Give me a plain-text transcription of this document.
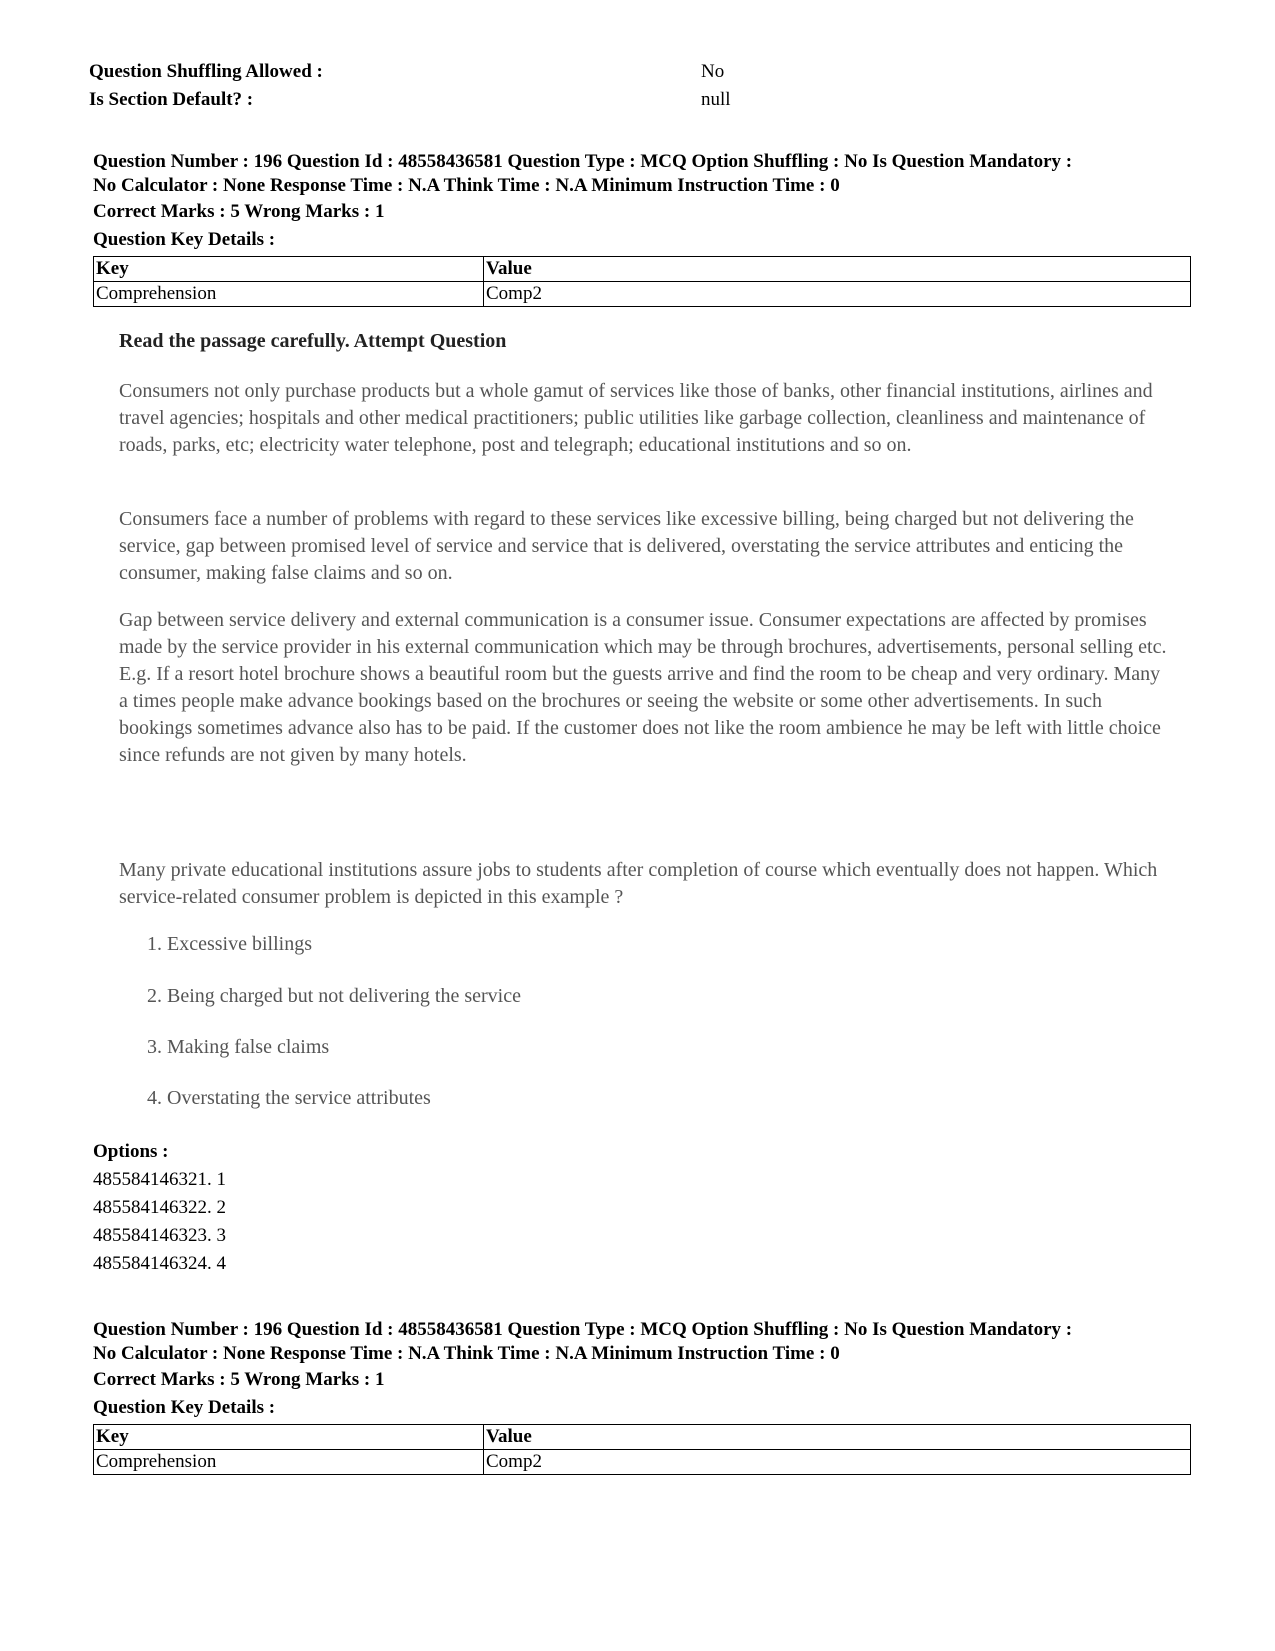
Question Shuffling Allowed :	No
Is Section Default? :	null

Question Number : 196 Question Id : 48558436581 Question Type : MCQ Option Shuffling : No Is Question Mandatory :

No Calculator : None Response Time : N.A Think Time : N.A Minimum Instruction Time : 0

Correct Marks : 5 Wrong Marks : 1

Question Key Details :

Key	Value
Comprehension	Comp2

Read the passage carefully. Attempt Question

Consumers not only purchase products but a whole gamut of services like those of banks, other financial institutions, airlines and travel agencies; hospitals and other medical practitioners; public utilities like garbage collection, cleanliness and maintenance of roads, parks, etc; electricity water telephone, post and telegraph; educational institutions and so on.

Consumers face a number of problems with regard to these services like excessive billing, being charged but not delivering the service, gap between promised level of service and service that is delivered, overstating the service attributes and enticing the consumer, making false claims and so on.

Gap between service delivery and external communication is a consumer issue. Consumer expectations are affected by promises made by the service provider in his external communication which may be through brochures, advertisements, personal selling etc. E.g. If a resort hotel brochure shows a beautiful room but the guests arrive and find the room to be cheap and very ordinary. Many a times people make advance bookings based on the brochures or seeing the website or some other advertisements. In such bookings sometimes advance also has to be paid. If the customer does not like the room ambience he may be left with little choice since refunds are not given by many hotels.

Many private educational institutions assure jobs to students after completion of course which eventually does not happen. Which service-related consumer problem is depicted in this example ?

1. Excessive billings
2. Being charged but not delivering the service
3. Making false claims
4. Overstating the service attributes
Options :
485584146321. 1
485584146322. 2
485584146323. 3
485584146324. 4

Question Number : 196 Question Id : 48558436581 Question Type : MCQ Option Shuffling : No Is Question Mandatory :

No Calculator : None Response Time : N.A Think Time : N.A Minimum Instruction Time : 0

Correct Marks : 5 Wrong Marks : 1

Question Key Details :

Key	Value
Comprehension	Comp2
